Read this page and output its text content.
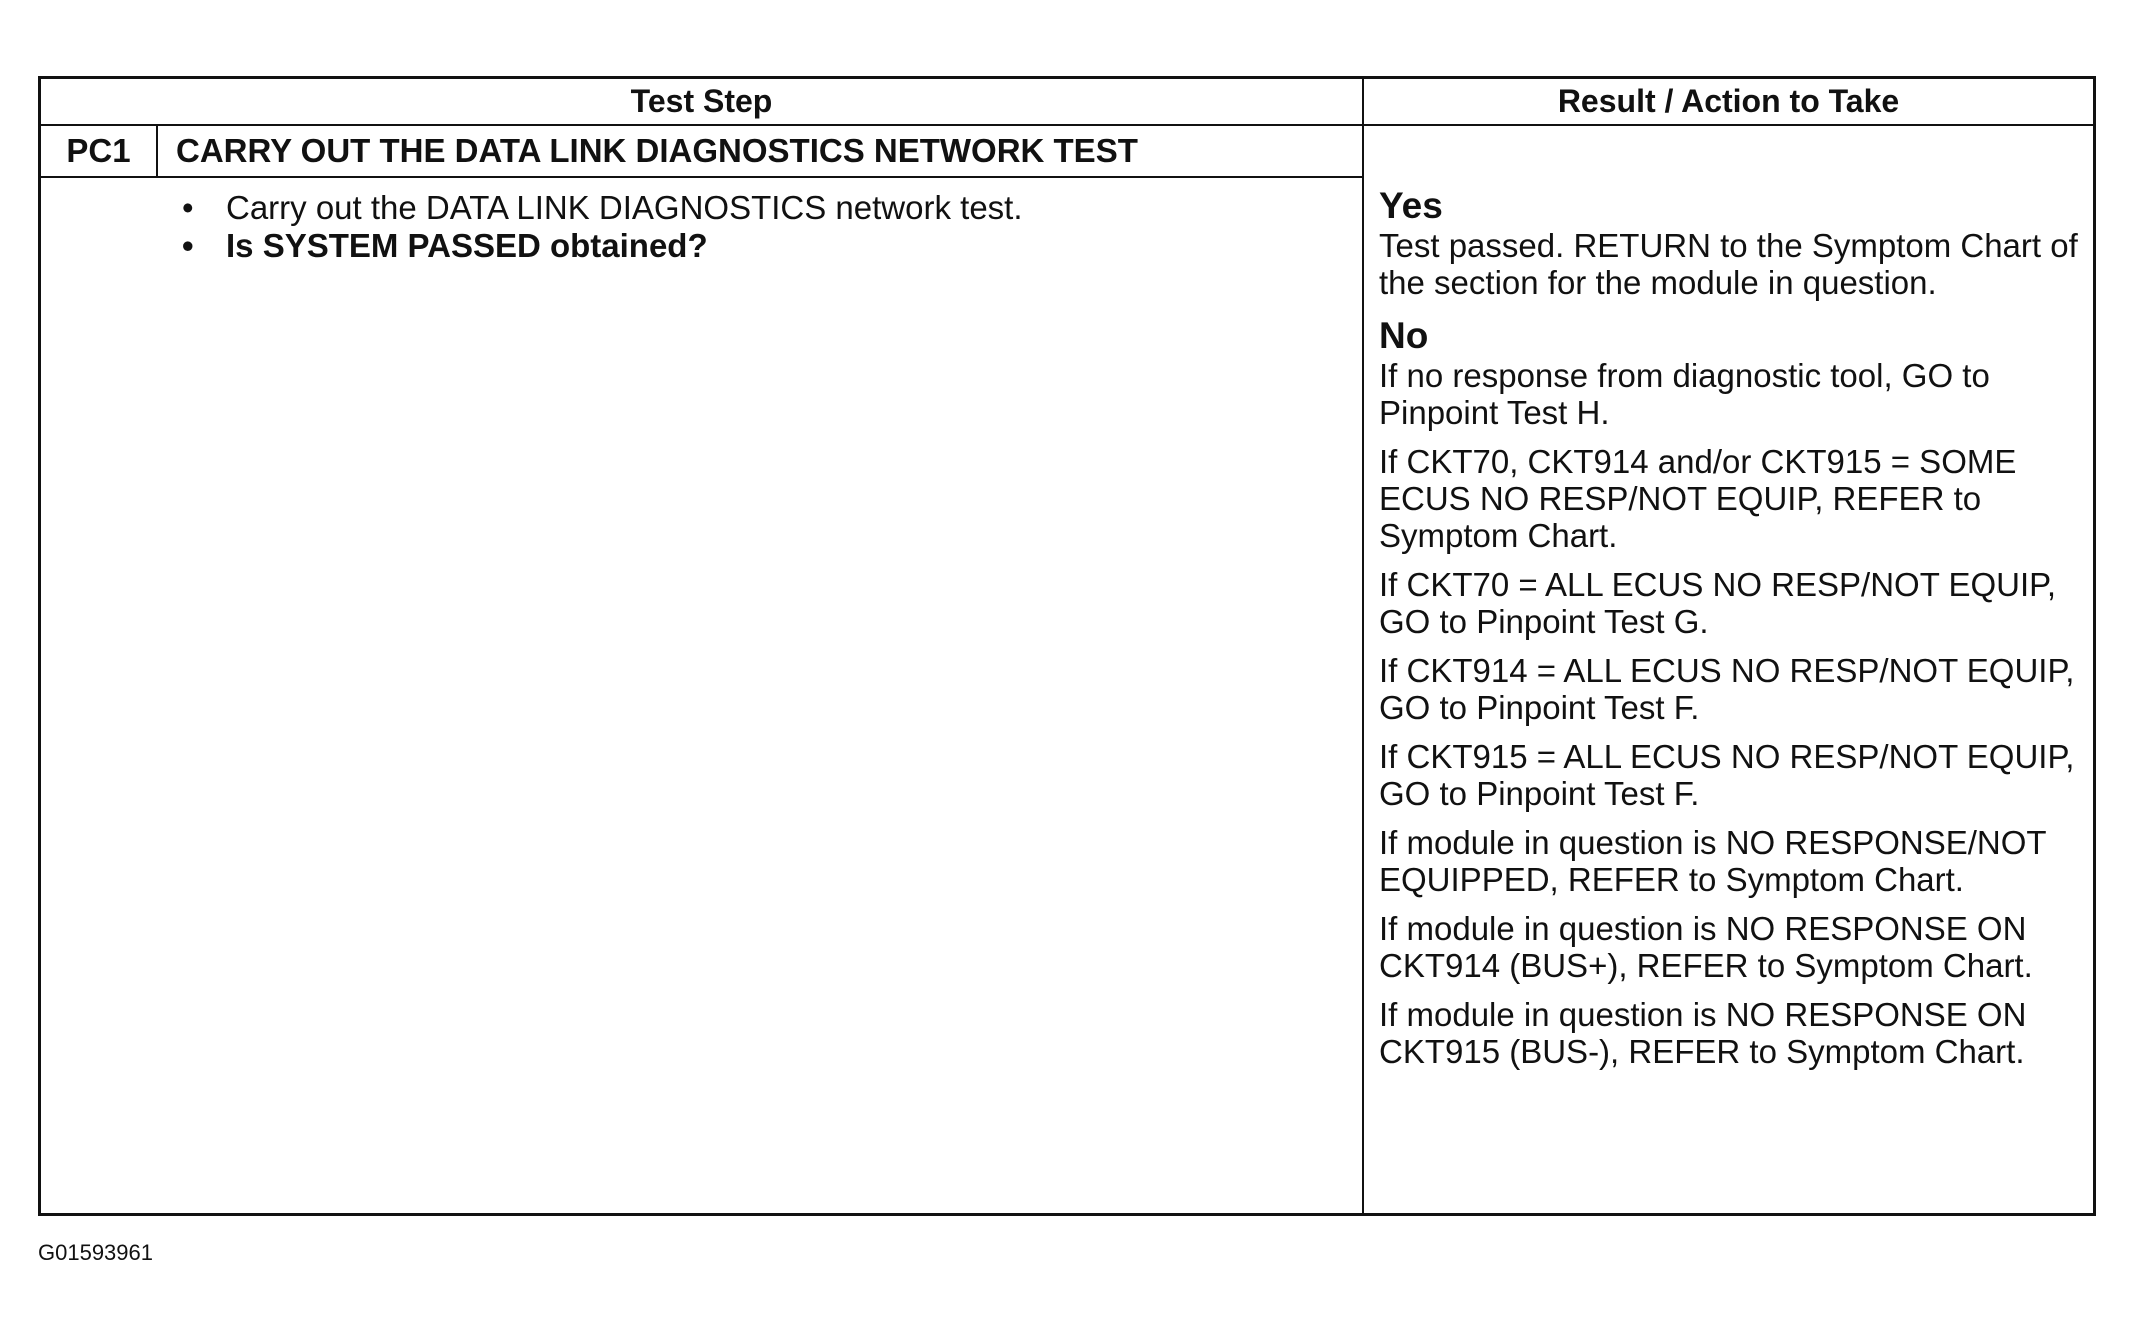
Test Step	Result / Action to Take
PC1	CARRY OUT THE DATA LINK DIAGNOSTICS NETWORK TEST
• Carry out the DATA LINK DIAGNOSTICS network test.
• Is SYSTEM PASSED obtained?
Yes
Test passed. RETURN to the Symptom Chart of the section for the module in question.
No
If no response from diagnostic tool, GO to Pinpoint Test H.
If CKT70, CKT914 and/or CKT915 = SOME ECUS NO RESP/NOT EQUIP, REFER to Symptom Chart.
If CKT70 = ALL ECUS NO RESP/NOT EQUIP, GO to Pinpoint Test G.
If CKT914 = ALL ECUS NO RESP/NOT EQUIP, GO to Pinpoint Test F.
If CKT915 = ALL ECUS NO RESP/NOT EQUIP, GO to Pinpoint Test F.
If module in question is NO RESPONSE/NOT EQUIPPED, REFER to Symptom Chart.
If module in question is NO RESPONSE ON CKT914 (BUS+), REFER to Symptom Chart.
If module in question is NO RESPONSE ON CKT915 (BUS-), REFER to Symptom Chart.
G01593961
